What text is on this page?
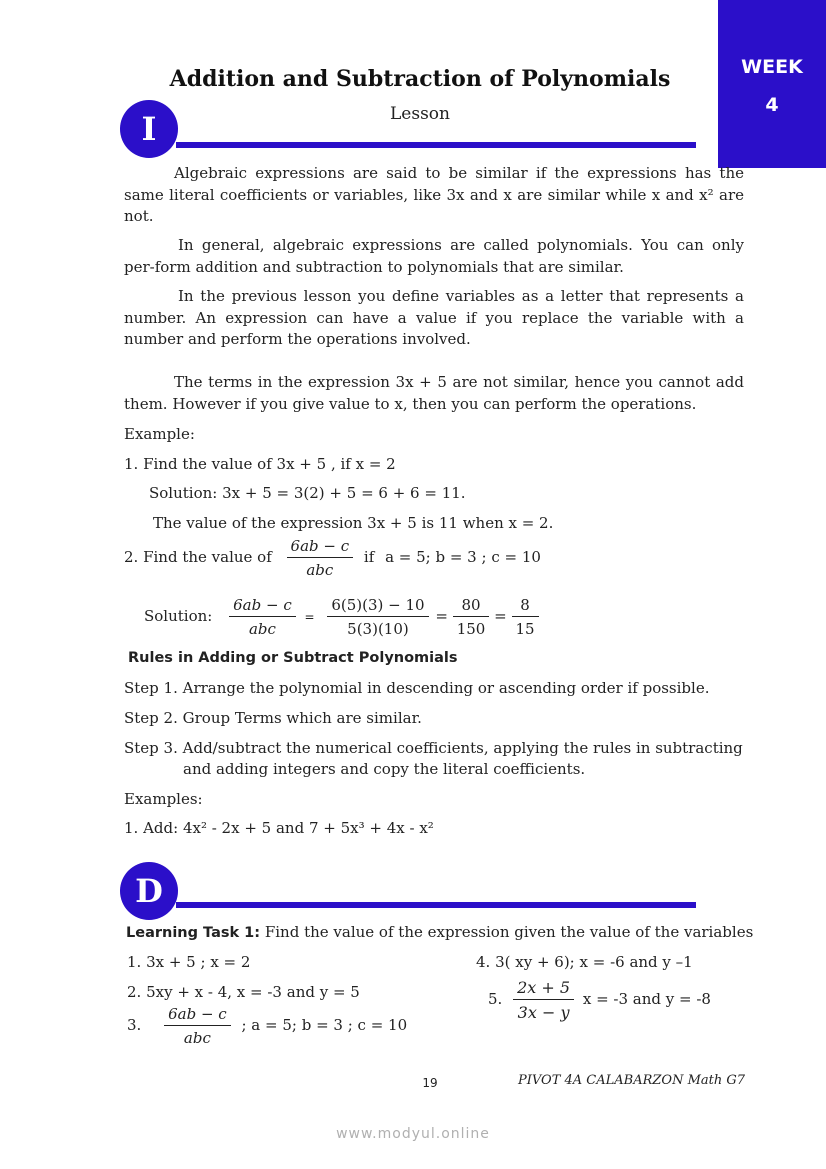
WEEK
4
Addition and Subtraction of Polynomials
Lesson
I
Algebraic expressions are said to be similar if the expressions has the same literal coefficients or variables, like 3x and x are similar while x and x² are not.
In general, algebraic expressions are called polynomials. You can only per-form addition and subtraction to polynomials that are similar.
In the previous lesson you define variables as a letter that represents a number. An expression can have a value if you replace the variable with a number and perform the operations involved.
The terms in the expression 3x + 5 are not similar, hence you cannot add them. However if you give value to x, then you can perform the operations.
Example:
1. Find the value of 3x + 5 , if x = 2
Solution: 3x + 5 = 3(2) + 5 = 6 + 6 = 11.
The value of the expression 3x + 5 is 11 when x = 2.
2. Find the value of $\frac{6ab - c}{\text{abc}}$ if a = 5; b = 3 ; c = 10
Solution: $\frac{6ab - c}{\text{abc}} = \frac{6(5)(3) - 10}{5(3)(10)} = \frac{80}{150} = \frac{8}{15}$
Rules in Adding or Subtract Polynomials
Step 1. Arrange the polynomial in descending or ascending order if possible.
Step 2. Group Terms which are similar.
Step 3. Add/subtract the numerical coefficients, applying the rules in subtracting
and adding integers and copy the literal coefficients.
Examples:
1. Add: 4x² - 2x + 5 and 7 + 5x³ + 4x - x²
D
Learning Task 1: Find the value of the expression given the value of the variables
1. 3x + 5 ; x = 2
2. 5xy + x - 4, x = -3 and y = 5
3. $\frac{6ab - c}{\text{abc}}$ ; a = 5; b = 3 ; c = 10
4. 3( xy + 6); x = -6 and y –1
5. $\frac{2x + 5}{3x - y}$ x = -3 and y = -8
19	PIVOT 4A CALABARZON Math G7
www.modyul.online
